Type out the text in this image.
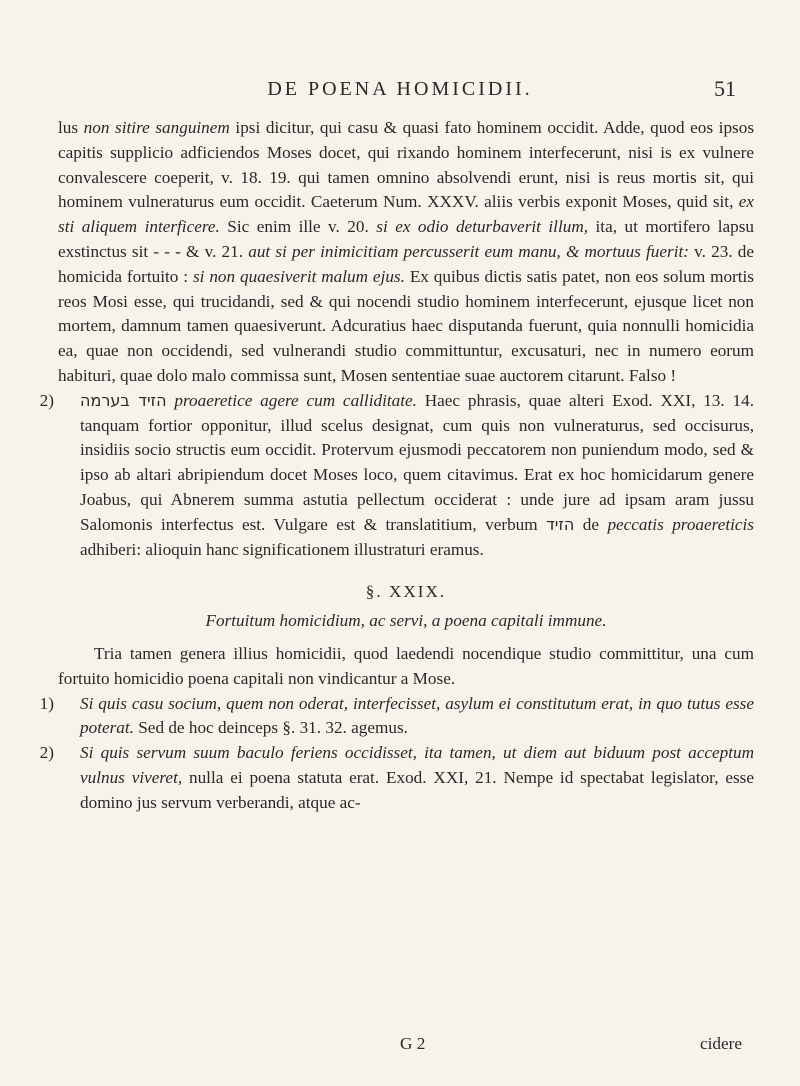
DE POENA HOMICIDII.	51

lus non sitire sanguinem ipsi dicitur, qui casu & quasi fato hominem occidit. Adde, quod eos ipsos capitis supplicio adficiendos Moses docet, qui rixando hominem interfecerunt, nisi is ex vulnere convalescere coeperit, v. 18. 19. qui tamen omnino absolvendi erunt, nisi is reus mortis sit, qui hominem vulneraturus eum occidit. Caeterum Num. XXXV. aliis verbis exponit Moses, quid sit, ex sti aliquem interficere. Sic enim ille v. 20. si ex odio deturbaverit illum, ita, ut mortifero lapsu exstinctus sit - - - & v. 21. aut si per inimicitiam percusserit eum manu, & mortuus fuerit: v. 23. de homicida fortuito : si non quaesiverit malum ejus. Ex quibus dictis satis patet, non eos solum mortis reos Mosi esse, qui trucidandi, sed & qui nocendi studio hominem interfecerunt, ejusque licet non mortem, damnum tamen quaesiverunt. Adcuratius haec disputanda fuerunt, quia nonnulli homicidia ea, quae non occidendi, sed vulnerandi studio committuntur, excusaturi, nec in numero eorum habituri, quae dolo malo commissa sunt, Mosen sententiae suae auctorem citarunt. Falso !

2) הזיד בערמה proaeretice agere cum calliditate. Haec phrasis, quae alteri Exod. XXI, 13. 14. tanquam fortior opponitur, illud scelus designat, cum quis non vulneraturus, sed occisurus, insidiis socio structis eum occidit. Protervum ejusmodi peccatorem non puniendum modo, sed & ipso ab altari abripiendum docet Moses loco, quem citavimus. Erat ex hoc homicidarum genere Joabus, qui Abnerem summa astutia pellectum occiderat : unde jure ad ipsam aram jussu Salomonis interfectus est. Vulgare est & translatitium, verbum הזיד de peccatis proaereticis adhiberi: alioquin hanc significationem illustraturi eramus.

§. XXIX.
Fortuitum homicidium, ac servi, a poena capitali immune.

Tria tamen genera illius homicidii, quod laedendi nocendique studio committitur, una cum fortuito homicidio poena capitali non vindicantur a Mose.

1) Si quis casu socium, quem non oderat, interfecisset, asylum ei constitutum erat, in quo tutus esse poterat. Sed de hoc deinceps §. 31. 32. agemus.

2) Si quis servum suum baculo feriens occidisset, ita tamen, ut diem aut biduum post acceptum vulnus viveret, nulla ei poena statuta erat. Exod. XXI, 21. Nempe id spectabat legislator, esse domino jus servum verberandi, atque ac-

G 2	cidere
